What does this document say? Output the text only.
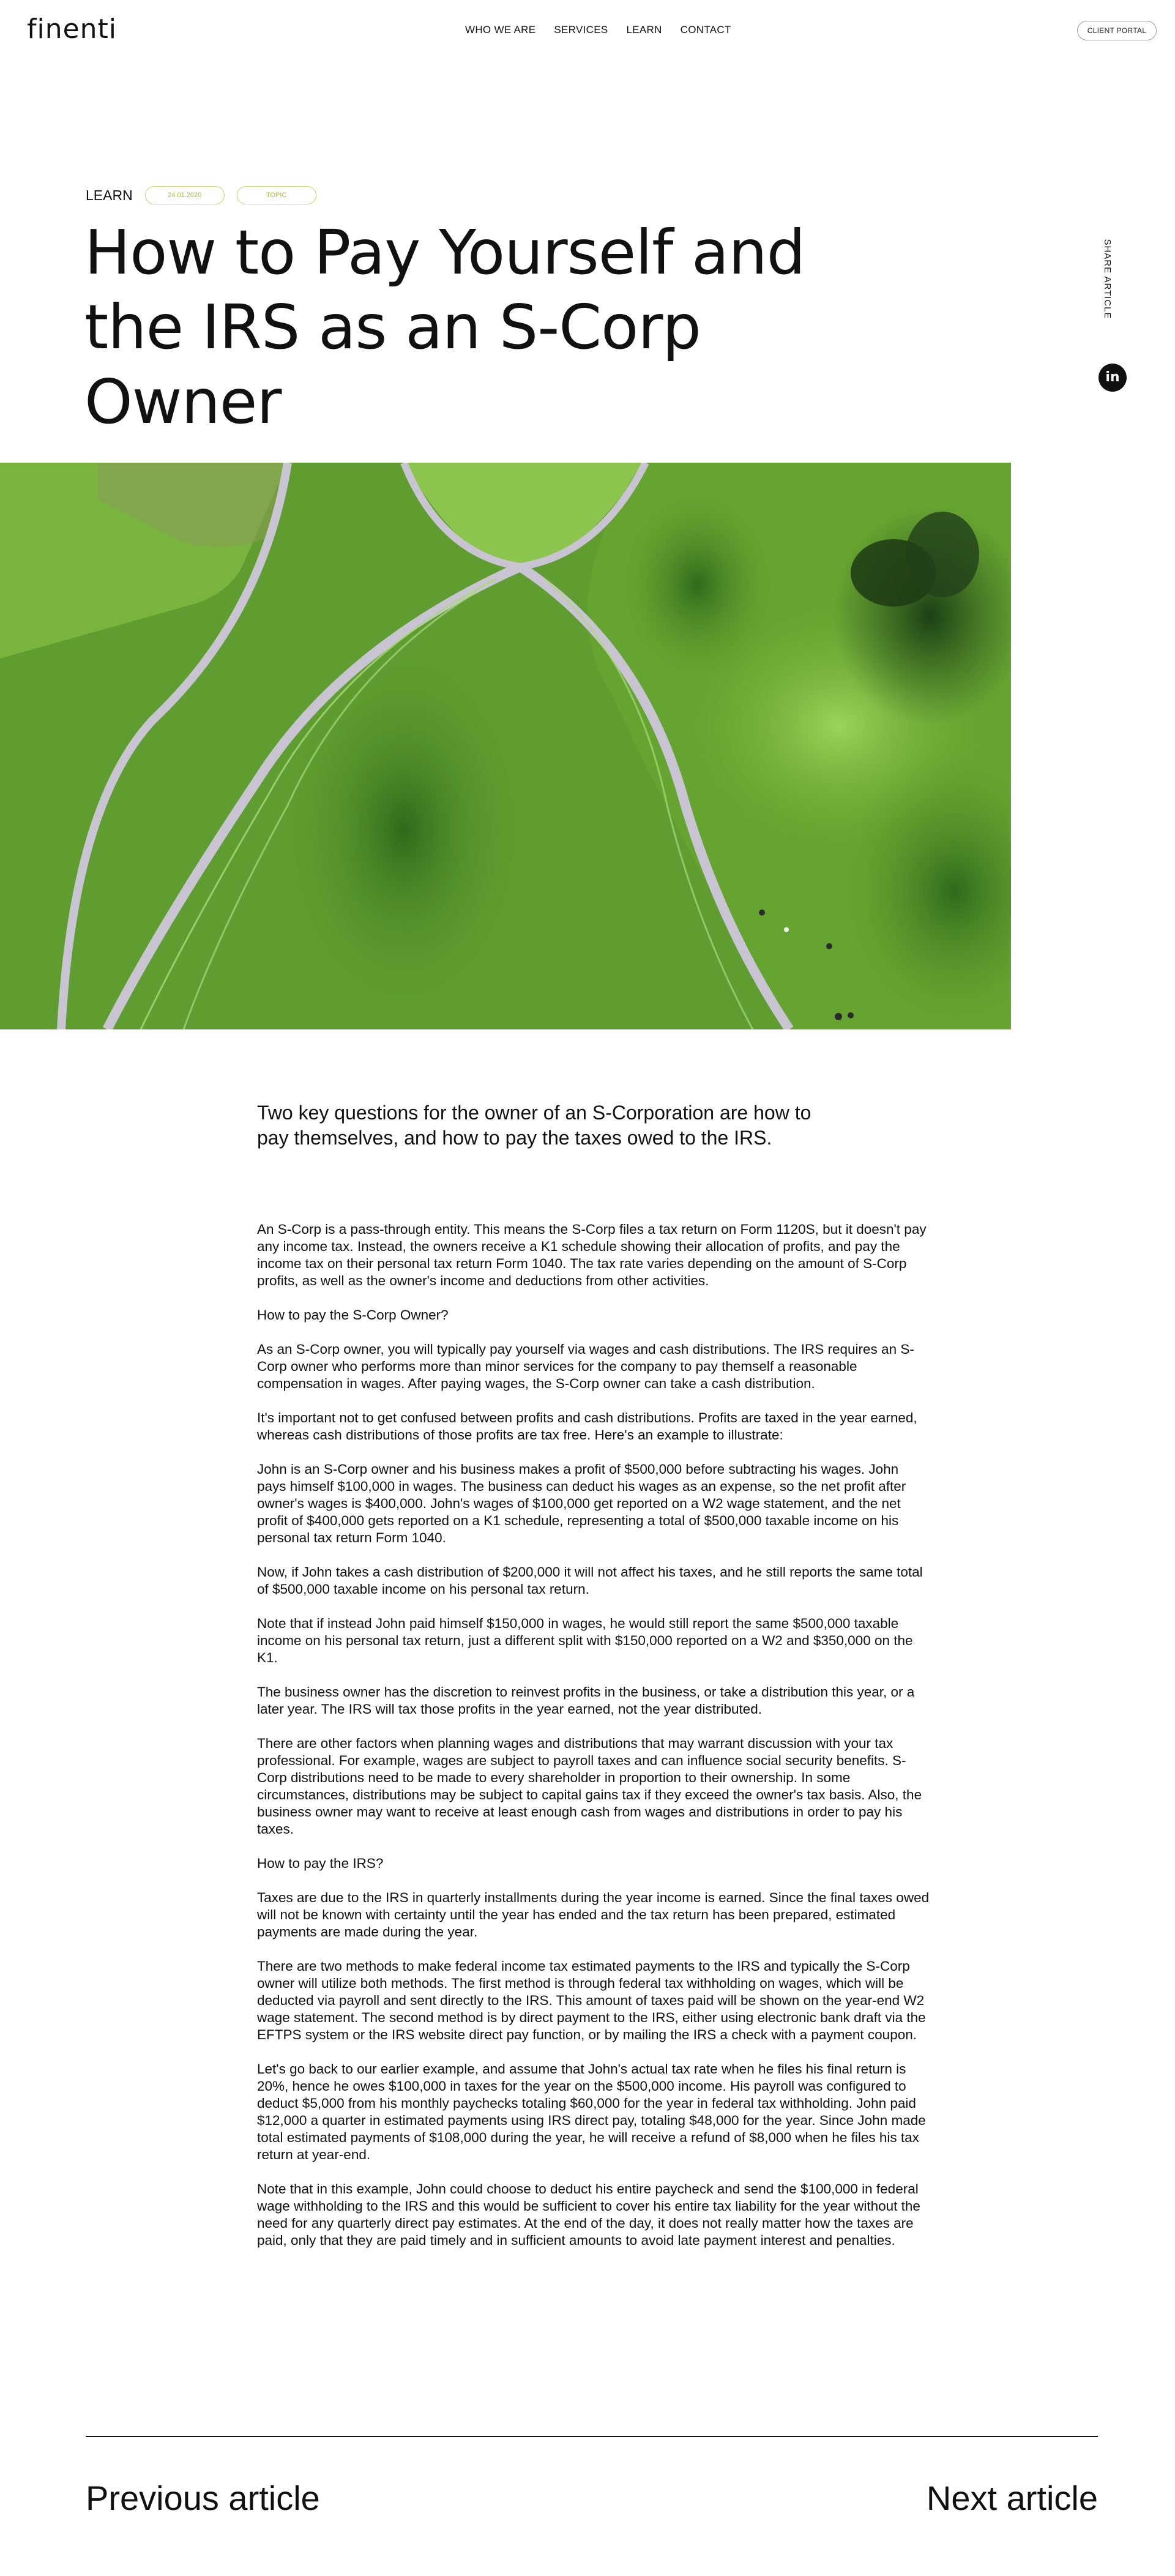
finenti	WHO WE ARE SERVICES LEARN CONTACT	CLIENT PORTAL
LEARN	24.01.2020	TOPIC
How to Pay Yourself and the IRS as an S-Corp Owner
SHARE ARTICLE
in

Two key questions for the owner of an S-Corporation are how to pay themselves, and how to pay the taxes owed to the IRS.

An S-Corp is a pass-through entity. This means the S-Corp files a tax return on Form 1120S, but it doesn't pay any income tax. Instead, the owners receive a K1 schedule showing their allocation of profits, and pay the income tax on their personal tax return Form 1040. The tax rate varies depending on the amount of S-Corp profits, as well as the owner's income and deductions from other activities.

How to pay the S-Corp Owner?

As an S-Corp owner, you will typically pay yourself via wages and cash distributions. The IRS requires an S-Corp owner who performs more than minor services for the company to pay themself a reasonable compensation in wages. After paying wages, the S-Corp owner can take a cash distribution.

It's important not to get confused between profits and cash distributions. Profits are taxed in the year earned, whereas cash distributions of those profits are tax free. Here's an example to illustrate:

John is an S-Corp owner and his business makes a profit of $500,000 before subtracting his wages. John pays himself $100,000 in wages. The business can deduct his wages as an expense, so the net profit after owner's wages is $400,000. John's wages of $100,000 get reported on a W2 wage statement, and the net profit of $400,000 gets reported on a K1 schedule, representing a total of $500,000 taxable income on his personal tax return Form 1040.

Now, if John takes a cash distribution of $200,000 it will not affect his taxes, and he still reports the same total of $500,000 taxable income on his personal tax return.

Note that if instead John paid himself $150,000 in wages, he would still report the same $500,000 taxable income on his personal tax return, just a different split with $150,000 reported on a W2 and $350,000 on the K1.

The business owner has the discretion to reinvest profits in the business, or take a distribution this year, or a later year. The IRS will tax those profits in the year earned, not the year distributed.

There are other factors when planning wages and distributions that may warrant discussion with your tax professional. For example, wages are subject to payroll taxes and can influence social security benefits. S-Corp distributions need to be made to every shareholder in proportion to their ownership. In some circumstances, distributions may be subject to capital gains tax if they exceed the owner's tax basis. Also, the business owner may want to receive at least enough cash from wages and distributions in order to pay his taxes.

How to pay the IRS?

Taxes are due to the IRS in quarterly installments during the year income is earned. Since the final taxes owed will not be known with certainty until the year has ended and the tax return has been prepared, estimated payments are made during the year.

There are two methods to make federal income tax estimated payments to the IRS and typically the S-Corp owner will utilize both methods. The first method is through federal tax withholding on wages, which will be deducted via payroll and sent directly to the IRS. This amount of taxes paid will be shown on the year-end W2 wage statement. The second method is by direct payment to the IRS, either using electronic bank draft via the EFTPS system or the IRS website direct pay function, or by mailing the IRS a check with a payment coupon.

Let's go back to our earlier example, and assume that John's actual tax rate when he files his final return is 20%, hence he owes $100,000 in taxes for the year on the $500,000 income. His payroll was configured to deduct $5,000 from his monthly paychecks totaling $60,000 for the year in federal tax withholding. John paid $12,000 a quarter in estimated payments using IRS direct pay, totaling $48,000 for the year. Since John made total estimated payments of $108,000 during the year, he will receive a refund of $8,000 when he files his tax return at year-end.

Note that in this example, John could choose to deduct his entire paycheck and send the $100,000 in federal wage withholding to the IRS and this would be sufficient to cover his entire tax liability for the year without the need for any quarterly direct pay estimates. At the end of the day, it does not really matter how the taxes are paid, only that they are paid timely and in sufficient amounts to avoid late payment interest and penalties.

Previous article	Next article
